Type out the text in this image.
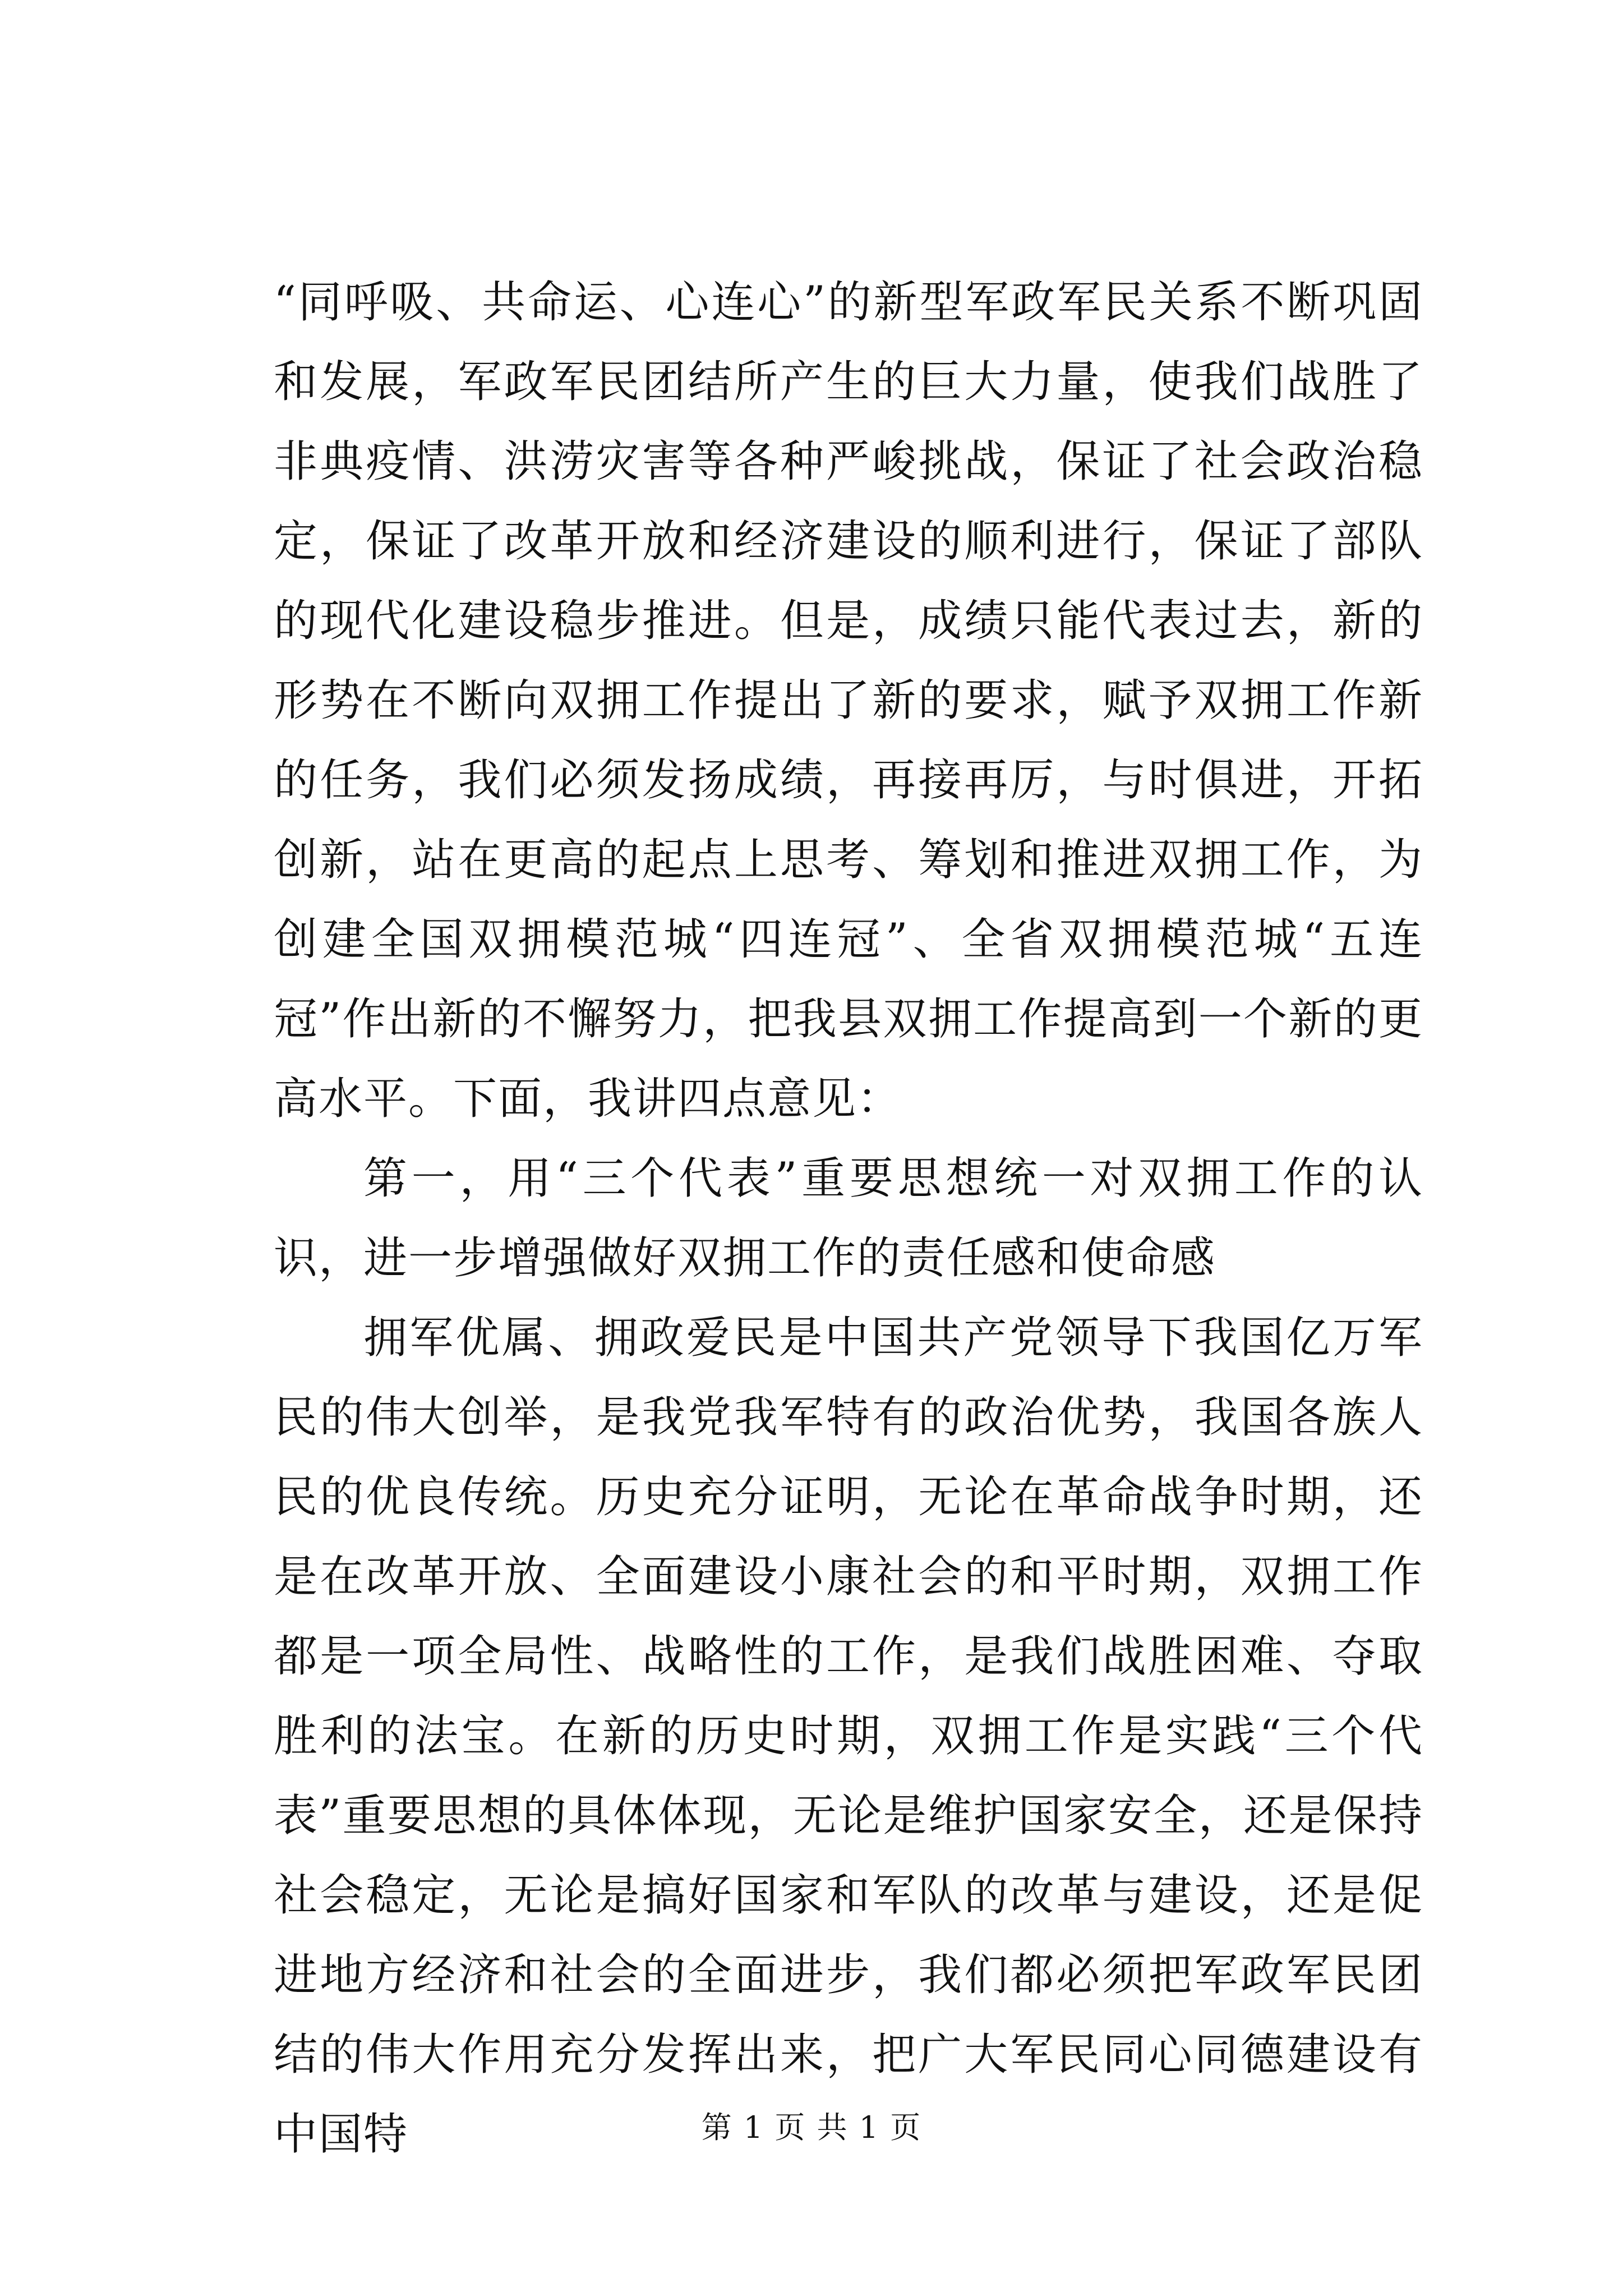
“同呼吸、共命运、心连心”的新型军政军民关系不断巩固和发展，军政军民团结所产生的巨大力量，使我们战胜了非典疫情、洪涝灾害等各种严峻挑战，保证了社会政治稳定，保证了改革开放和经济建设的顺利进行，保证了部队的现代化建设稳步推进。但是，成绩只能代表过去，新的形势在不断向双拥工作提出了新的要求，赋予双拥工作新的任务，我们必须发扬成绩，再接再厉，与时俱进，开拓创新，站在更高的起点上思考、筹划和推进双拥工作，为创建全国双拥模范城“四连冠”、全省双拥模范城“五连冠”作出新的不懈努力，把我县双拥工作提高到一个新的更高水平。下面，我讲四点意见：

第一，用“三个代表”重要思想统一对双拥工作的认识，进一步增强做好双拥工作的责任感和使命感

拥军优属、拥政爱民是中国共产党领导下我国亿万军民的伟大创举，是我党我军特有的政治优势，我国各族人民的优良传统。历史充分证明，无论在革命战争时期，还是在改革开放、全面建设小康社会的和平时期，双拥工作都是一项全局性、战略性的工作，是我们战胜困难、夺取胜利的法宝。在新的历史时期，双拥工作是实践“三个代表”重要思想的具体体现，无论是维护国家安全，还是保持社会稳定，无论是搞好国家和军队的改革与建设，还是促进地方经济和社会的全面进步，我们都必须把军政军民团结的伟大作用充分发挥出来，把广大军民同心同德建设有中国特	第 1 页 共 1 页
